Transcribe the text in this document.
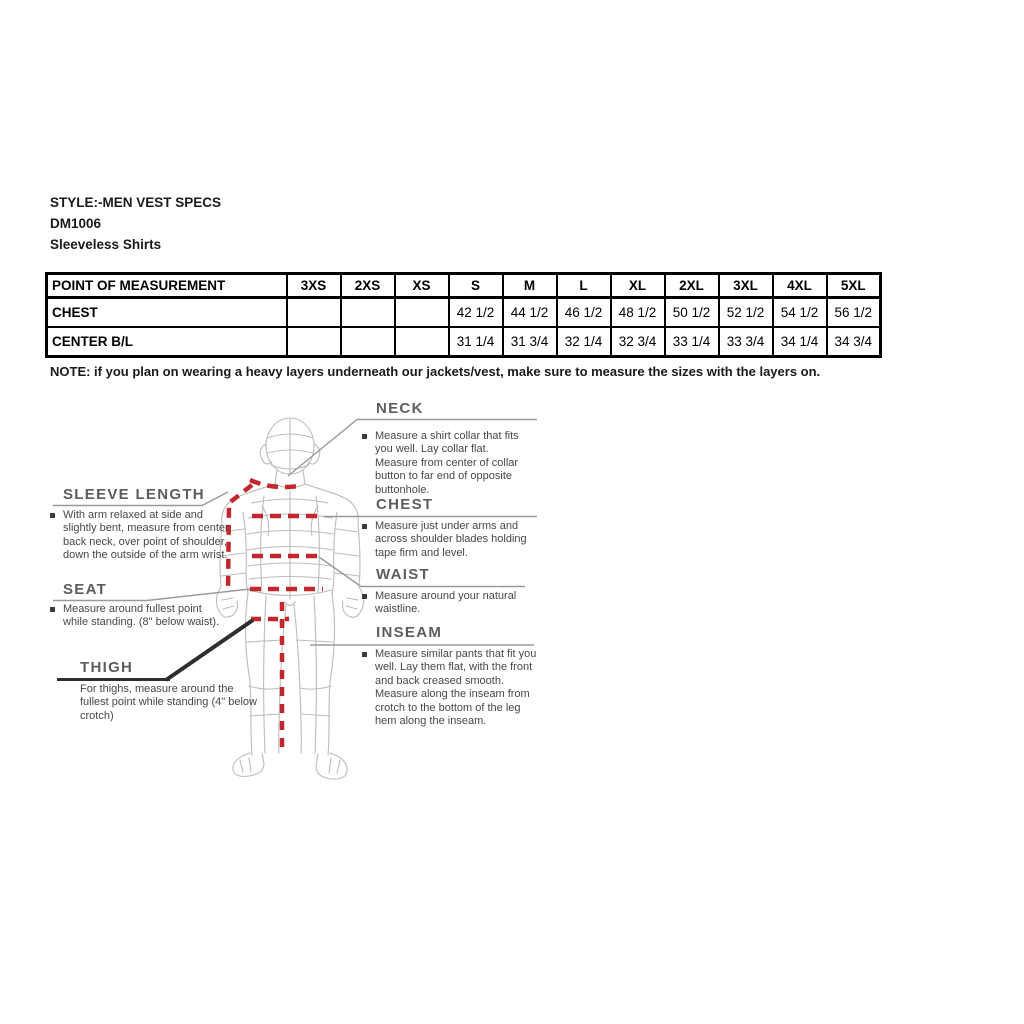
STYLE:-MEN VEST SPECS
DM1006
Sleeveless Shirts
POINT OF MEASUREMENT	3XS	2XS	XS	S	M	L	XL	2XL	3XL	4XL	5XL
CHEST				42 1/2	44 1/2	46 1/2	48 1/2	50 1/2	52 1/2	54 1/2	56 1/2
CENTER B/L				31 1/4	31 3/4	32 1/4	32 3/4	33 1/4	33 3/4	34 1/4	34 3/4
NOTE: if you plan on wearing a heavy layers underneath our jackets/vest, make sure to measure the sizes with the layers on.
NECK
SLEEVE LENGTH
CHEST
SEAT
WAIST
THIGH
INSEAM
Measure a shirt collar that fits you well. Lay collar flat. Measure from center of collar button to far end of opposite buttonhole.
With arm relaxed at side and slightly bent, measure from center back neck, over point of shoulder, down the outside of the arm wrist.
Measure just under arms and across shoulder blades holding tape firm and level.
Measure around fullest point while standing. (8" below waist).
Measure around your natural waistline.
For thighs, measure around the fullest point while standing (4" below crotch)
Measure similar pants that fit you well. Lay them flat, with the front and back creased smooth. Measure along the inseam from crotch to the bottom of the leg hem along the inseam.
